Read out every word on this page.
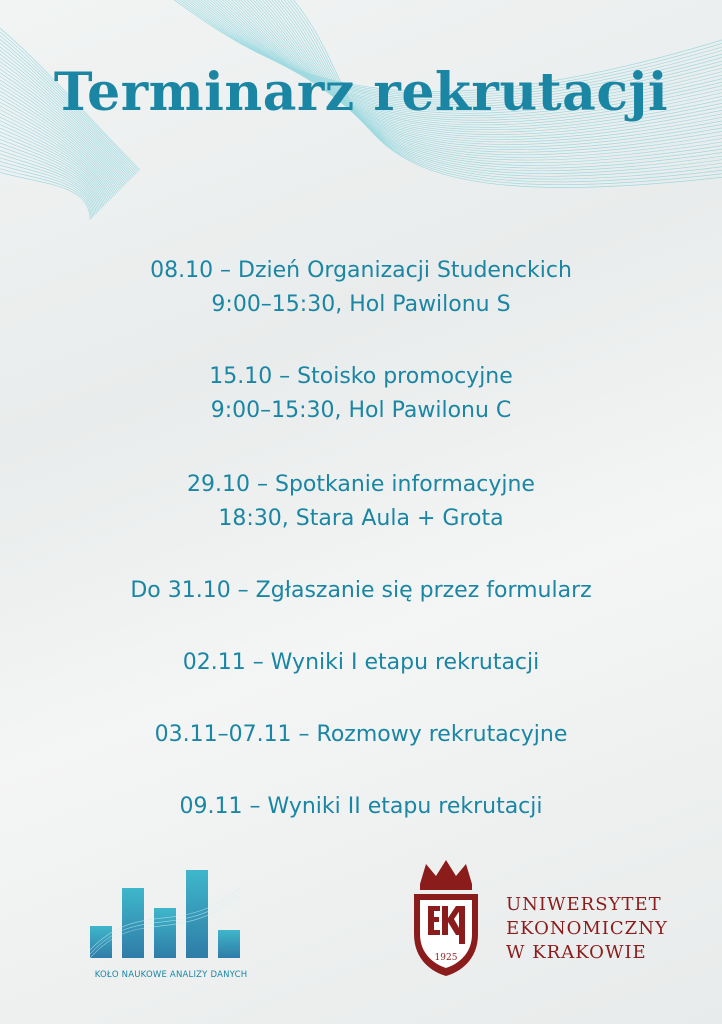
Terminarz rekrutacji
08.10 – Dzień Organizacji Studenckich
9:00–15:30, Hol Pawilonu S
15.10 – Stoisko promocyjne
9:00–15:30, Hol Pawilonu C
29.10 – Spotkanie informacyjne
18:30, Stara Aula + Grota
Do 31.10 – Zgłaszanie się przez formularz
02.11 – Wyniki I etapu rekrutacji
03.11–07.11 – Rozmowy rekrutacyjne
09.11 – Wyniki II etapu rekrutacji
KOŁO NAUKOWE ANALIZY DANYCH
1925
UNIWERSYTET
EKONOMICZNY
W KRAKOWIE
